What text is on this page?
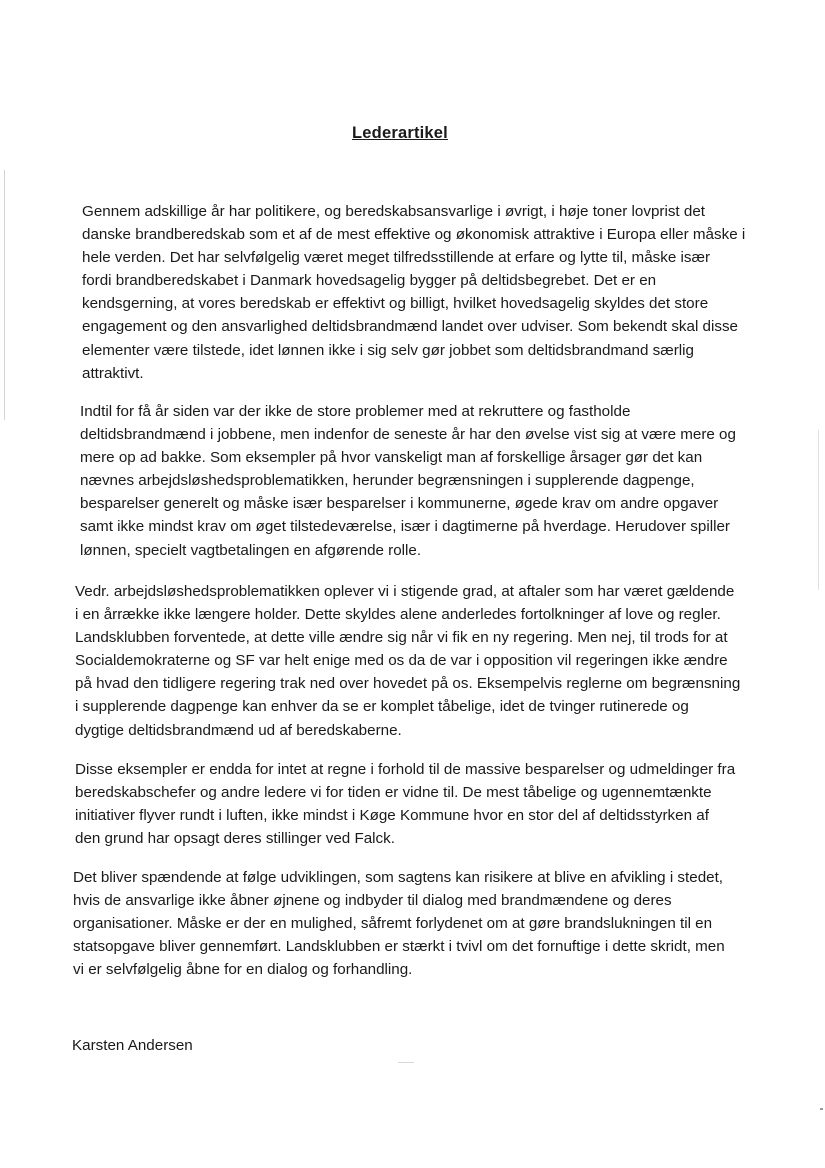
Lederartikel

Gennem adskillige år har politikere, og beredskabsansvarlige i øvrigt, i høje toner lovprist det
danske brandberedskab som et af de mest effektive og økonomisk attraktive i Europa eller måske i
hele verden. Det har selvfølgelig været meget tilfredsstillende at erfare og lytte til, måske især
fordi brandberedskabet i Danmark hovedsagelig bygger på deltidsbegrebet. Det er en
kendsgerning, at vores beredskab er effektivt og billigt, hvilket hovedsagelig skyldes det store
engagement og den ansvarlighed deltidsbrandmænd landet over udviser. Som bekendt skal disse
elementer være tilstede, idet lønnen ikke i sig selv gør jobbet som deltidsbrandmand særlig
attraktivt.

Indtil for få år siden var der ikke de store problemer med at rekruttere og fastholde
deltidsbrandmænd i jobbene, men indenfor de seneste år har den øvelse vist sig at være mere og
mere op ad bakke. Som eksempler på hvor vanskeligt man af forskellige årsager gør det kan
nævnes arbejdsløshedsproblematikken, herunder begrænsningen i supplerende dagpenge,
besparelser generelt og måske især besparelser i kommunerne, øgede krav om andre opgaver
samt ikke mindst krav om øget tilstedeværelse, især i dagtimerne på hverdage. Herudover spiller
lønnen, specielt vagtbetalingen en afgørende rolle.

Vedr. arbejdsløshedsproblematikken oplever vi i stigende grad, at aftaler som har været gældende
i en årrække ikke længere holder. Dette skyldes alene anderledes fortolkninger af love og regler.
Landsklubben forventede, at dette ville ændre sig når vi fik en ny regering. Men nej, til trods for at
Socialdemokraterne og SF var helt enige med os da de var i opposition vil regeringen ikke ændre
på hvad den tidligere regering trak ned over hovedet på os. Eksempelvis reglerne om begrænsning
i supplerende dagpenge kan enhver da se er komplet tåbelige, idet de tvinger rutinerede og
dygtige deltidsbrandmænd ud af beredskaberne.

Disse eksempler er endda for intet at regne i forhold til de massive besparelser og udmeldinger fra
beredskabschefer og andre ledere vi for tiden er vidne til. De mest tåbelige og ugennemtænkte
initiativer flyver rundt i luften, ikke mindst i Køge Kommune hvor en stor del af deltidsstyrken af
den grund har opsagt deres stillinger ved Falck.

Det bliver spændende at følge udviklingen, som sagtens kan risikere at blive en afvikling i stedet,
hvis de ansvarlige ikke åbner øjnene og indbyder til dialog med brandmændene og deres
organisationer. Måske er der en mulighed, såfremt forlydenet om at gøre brandslukningen til en
statsopgave bliver gennemført. Landsklubben er stærkt i tvivl om det fornuftige i dette skridt, men
vi er selvfølgelig åbne for en dialog og forhandling.

Karsten Andersen
